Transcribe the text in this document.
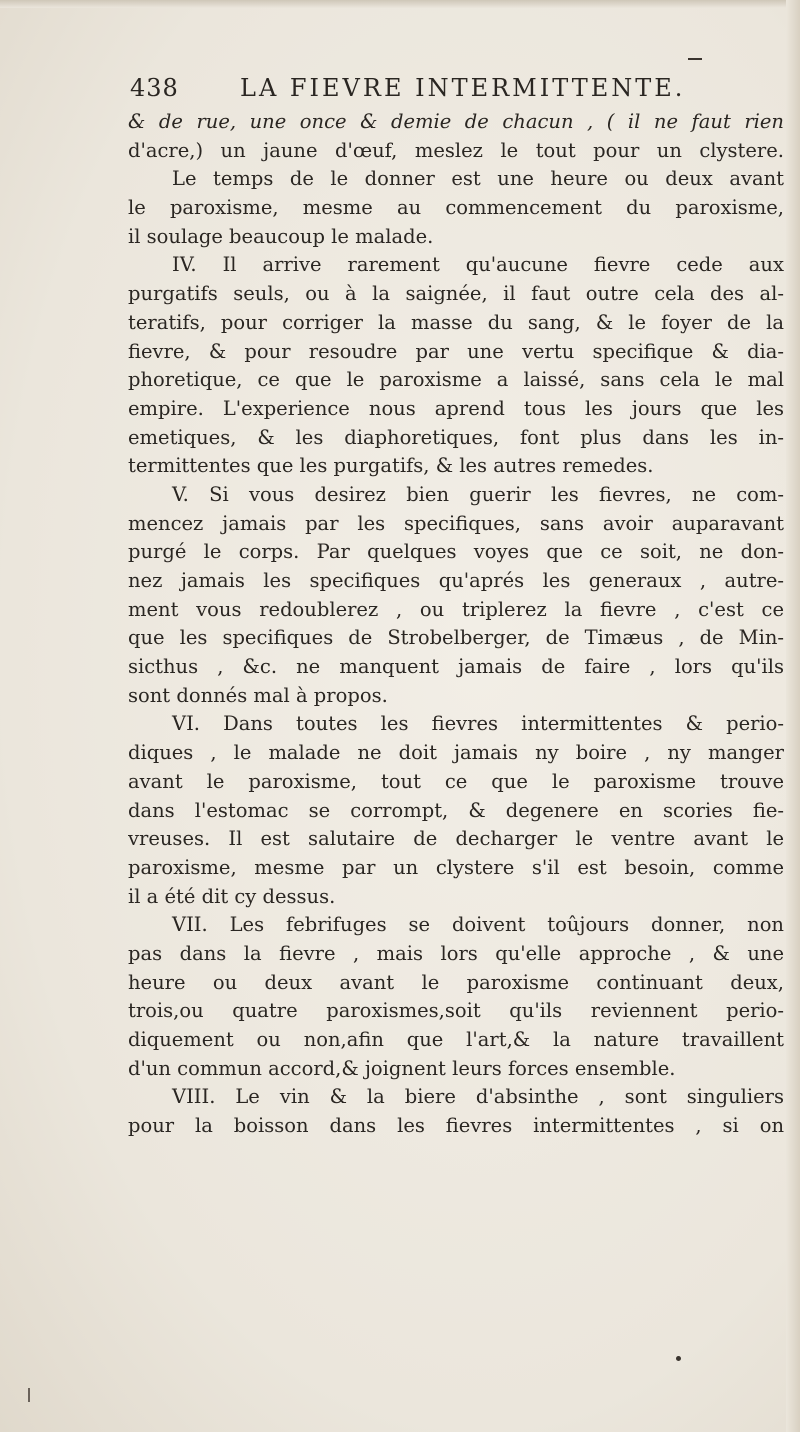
438	LA FIEVRE INTERMITTENTE.
& de rue, une once & demie de chacun , ( il ne faut rien
d'acre,) un jaune d'œuf, meslez le tout pour un clystere.
Le temps de le donner est une heure ou deux avant
le paroxisme, mesme au commencement du paroxisme,
il soulage beaucoup le malade.
IV. Il arrive rarement qu'aucune fievre cede aux
purgatifs seuls, ou à la saignée, il faut outre cela des al-
teratifs, pour corriger la masse du sang, & le foyer de la
fievre, & pour resoudre par une vertu specifique & dia-
phoretique, ce que le paroxisme a laissé, sans cela le mal
empire. L'experience nous aprend tous les jours que les
emetiques, & les diaphoretiques, font plus dans les in-
termittentes que les purgatifs, & les autres remedes.
V. Si vous desirez bien guerir les fievres, ne com-
mencez jamais par les specifiques, sans avoir auparavant
purgé le corps. Par quelques voyes que ce soit, ne don-
nez jamais les specifiques qu'aprés les generaux , autre-
ment vous redoublerez , ou triplerez la fievre , c'est ce
que les specifiques de Strobelberger, de Timæus , de Min-
sicthus , &c. ne manquent jamais de faire , lors qu'ils
sont donnés mal à propos.
VI. Dans toutes les fievres intermittentes & perio-
diques , le malade ne doit jamais ny boire , ny manger
avant le paroxisme, tout ce que le paroxisme trouve
dans l'estomac se corrompt, & degenere en scories fie-
vreuses. Il est salutaire de decharger le ventre avant le
paroxisme, mesme par un clystere s'il est besoin, comme
il a été dit cy dessus.
VII. Les febrifuges se doivent toûjours donner, non
pas dans la fievre , mais lors qu'elle approche , & une
heure ou deux avant le paroxisme continuant deux,
trois,ou quatre paroxismes,soit qu'ils reviennent perio-
diquement ou non,afin que l'art,& la nature travaillent
d'un commun accord,& joignent leurs forces ensemble.
VIII. Le vin & la biere d'absinthe , sont singuliers
pour la boisson dans les fievres intermittentes , si on
